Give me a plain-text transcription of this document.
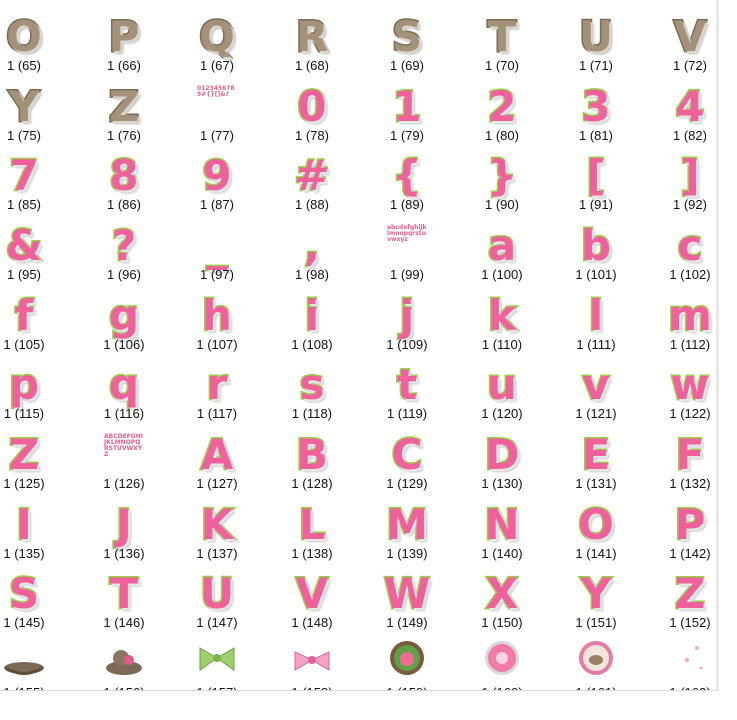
O
1 (65)
P
1 (66)
Q
1 (67)
R
1 (68)
S
1 (69)
T
1 (70)
U
1 (71)
V
1 (72)
Y
1 (75)
Z
1 (76)
0123456789#{}[]&?
1 (77)
0
1 (78)
1
1 (79)
2
1 (80)
3
1 (81)
4
1 (82)
7
1 (85)
8
1 (86)
9
1 (87)
#
1 (88)
{
1 (89)
}
1 (90)
[
1 (91)
]
1 (92)
&
1 (95)
?
1 (96)
_
1 (97)
,
1 (98)
abcdefghijklmnopqrstuvwxyz
1 (99)
a
1 (100)
b
1 (101)
c
1 (102)
f
1 (105)
g
1 (106)
h
1 (107)
i
1 (108)
j
1 (109)
k
1 (110)
l
1 (111)
m
1 (112)
p
1 (115)
q
1 (116)
r
1 (117)
s
1 (118)
t
1 (119)
u
1 (120)
v
1 (121)
w
1 (122)
Z
1 (125)
ABCDEFGHIJKLMNOPQRSTUVWXYZ
1 (126)
A
1 (127)
B
1 (128)
C
1 (129)
D
1 (130)
E
1 (131)
F
1 (132)
I
1 (135)
J
1 (136)
K
1 (137)
L
1 (138)
M
1 (139)
N
1 (140)
O
1 (141)
P
1 (142)
S
1 (145)
T
1 (146)
U
1 (147)
V
1 (148)
W
1 (149)
X
1 (150)
Y
1 (151)
Z
1 (152)
